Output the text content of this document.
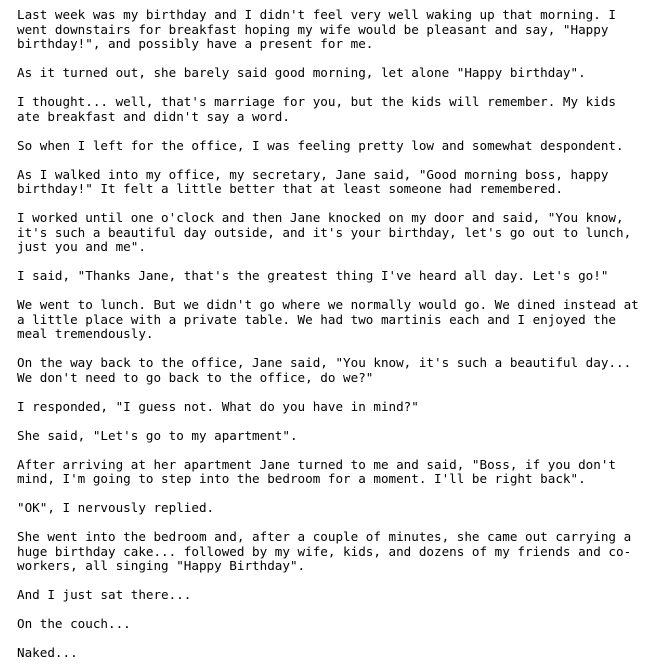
Last week was my birthday and I didn't feel very well waking up that morning. I
went downstairs for breakfast hoping my wife would be pleasant and say, "Happy
birthday!", and possibly have a present for me.
As it turned out, she barely said good morning, let alone "Happy birthday".
I thought... well, that's marriage for you, but the kids will remember. My kids
ate breakfast and didn't say a word.
So when I left for the office, I was feeling pretty low and somewhat despondent.
As I walked into my office, my secretary, Jane said, "Good morning boss, happy
birthday!" It felt a little better that at least someone had remembered.
I worked until one o'clock and then Jane knocked on my door and said, "You know,
it's such a beautiful day outside, and it's your birthday, let's go out to lunch,
just you and me".
I said, "Thanks Jane, that's the greatest thing I've heard all day. Let's go!"
We went to lunch. But we didn't go where we normally would go. We dined instead at
a little place with a private table. We had two martinis each and I enjoyed the
meal tremendously.
On the way back to the office, Jane said, "You know, it's such a beautiful day...
We don't need to go back to the office, do we?"
I responded, "I guess not. What do you have in mind?"
She said, "Let's go to my apartment".
After arriving at her apartment Jane turned to me and said, "Boss, if you don't
mind, I'm going to step into the bedroom for a moment. I'll be right back".
"OK", I nervously replied.
She went into the bedroom and, after a couple of minutes, she came out carrying a
huge birthday cake... followed by my wife, kids, and dozens of my friends and co-
workers, all singing "Happy Birthday".
And I just sat there...
On the couch...
Naked...
